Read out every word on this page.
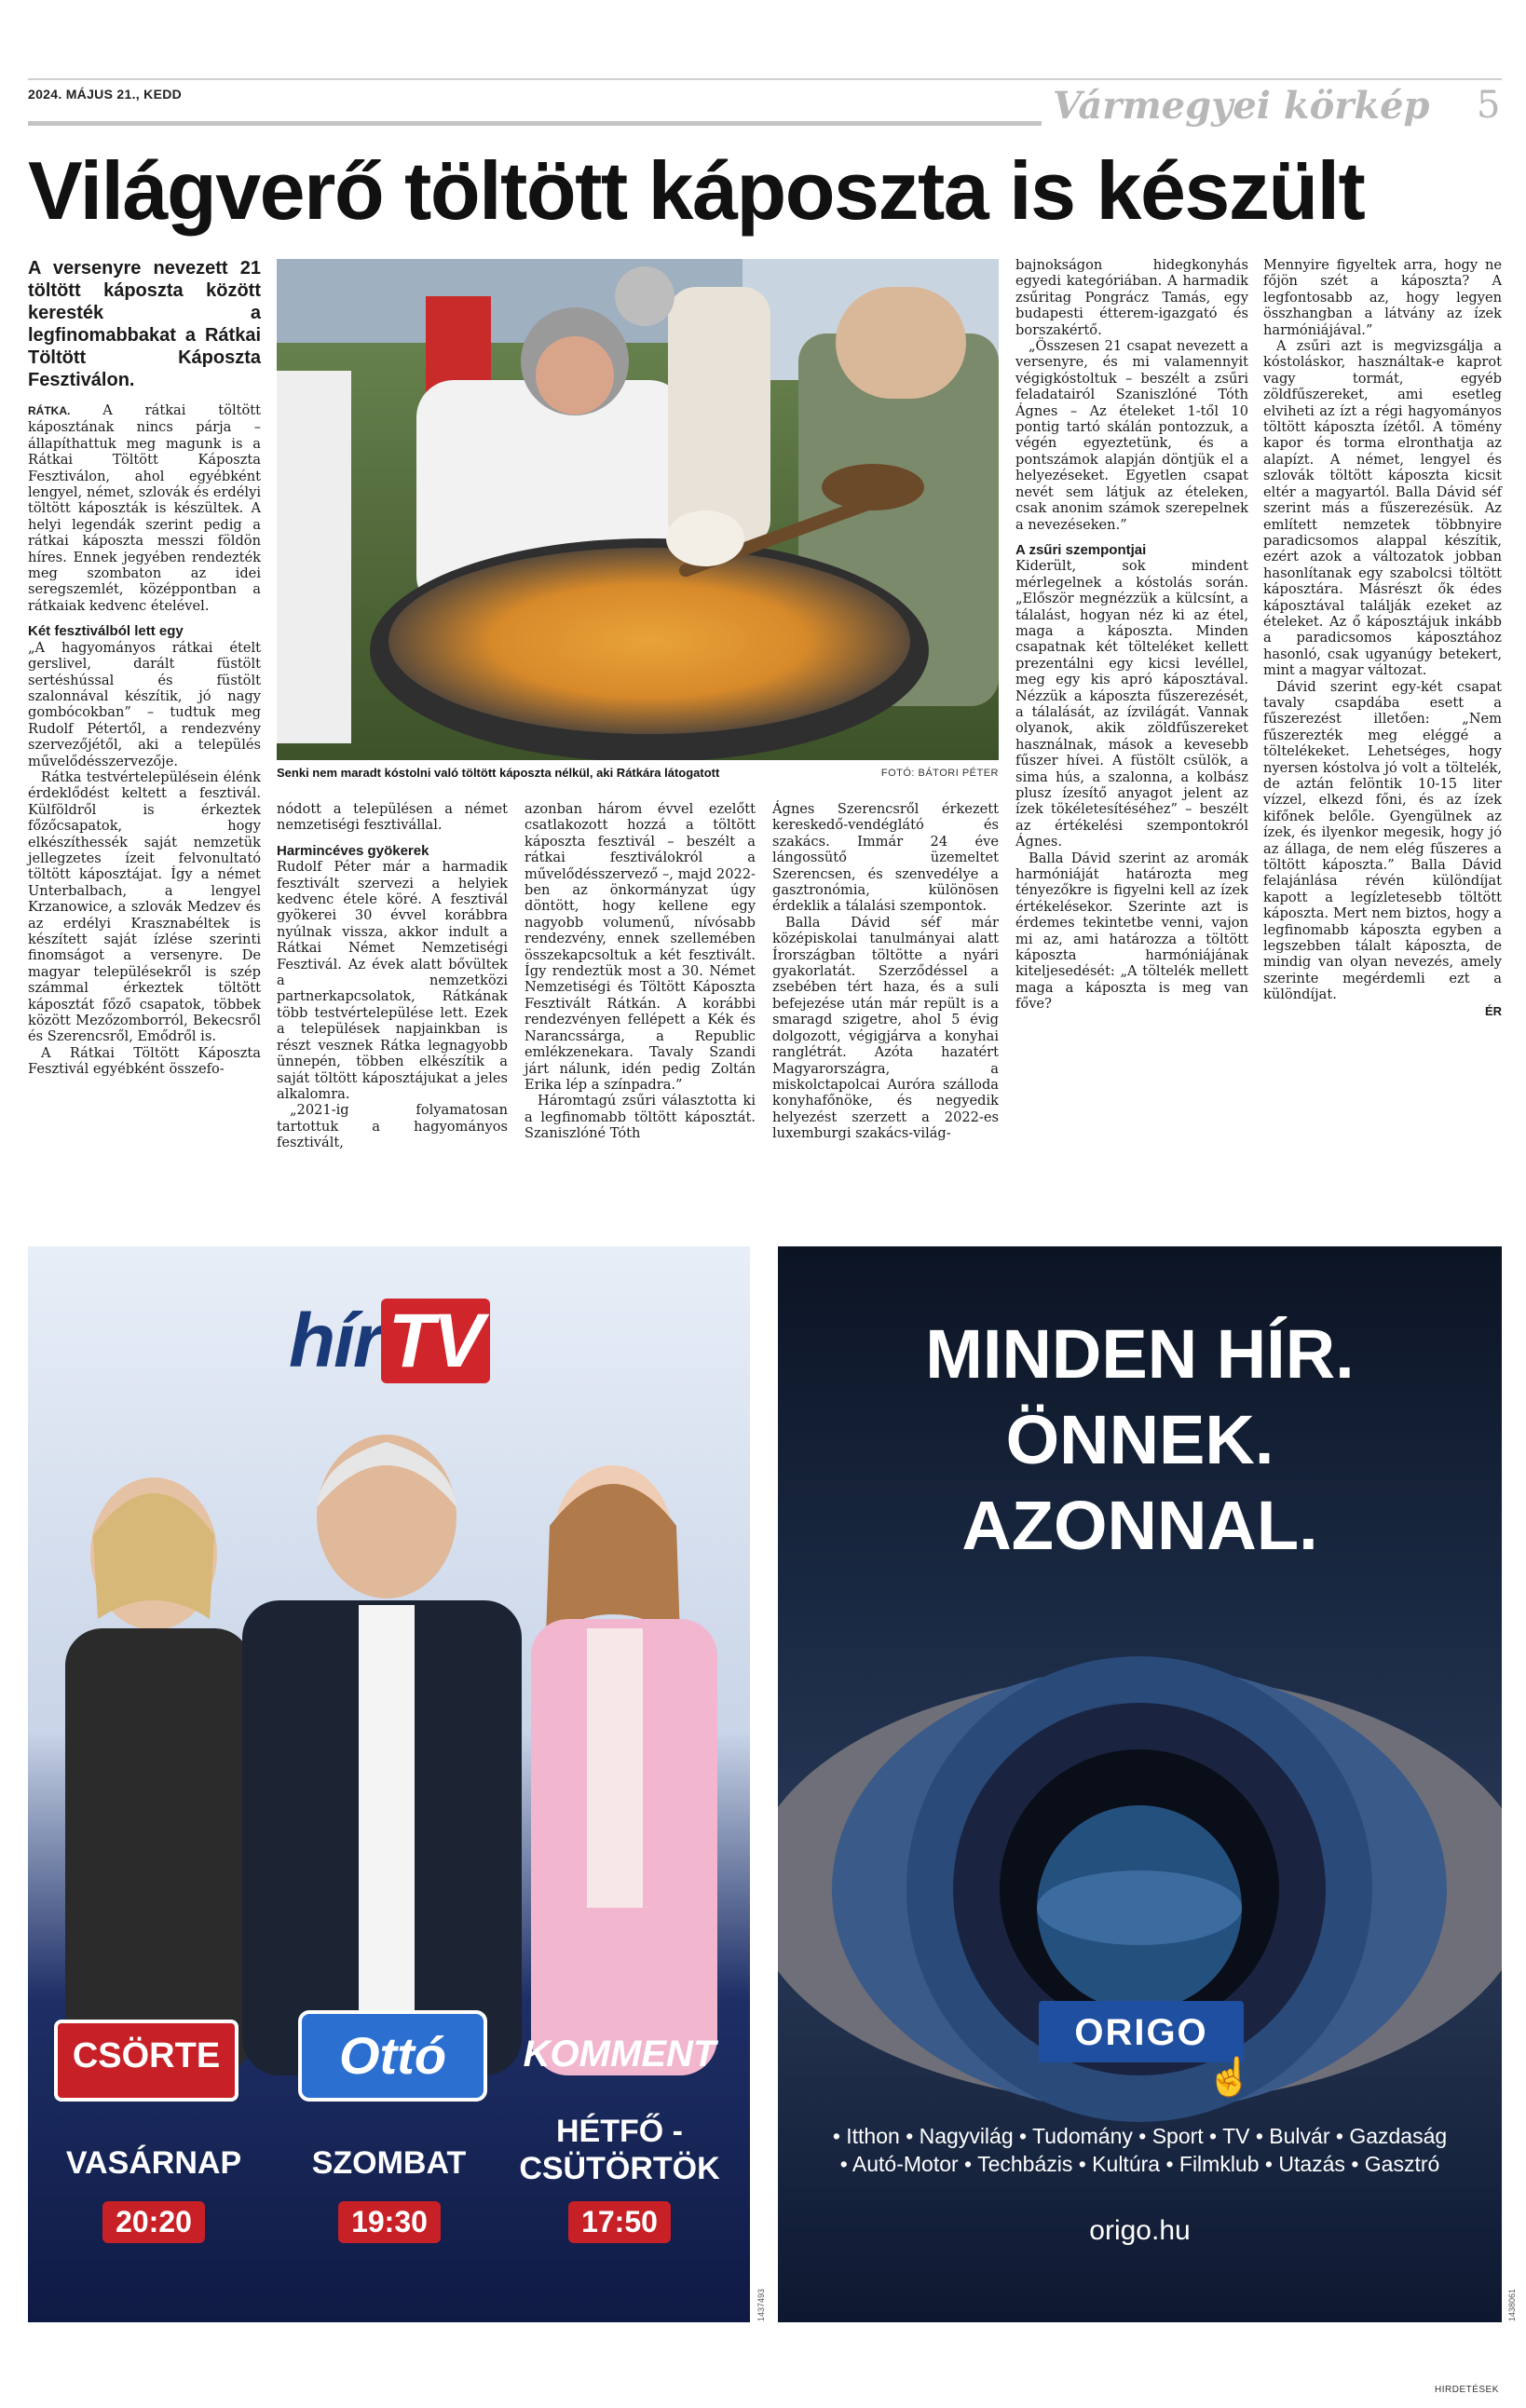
2024. MÁJUS 21., KEDD	Vármegyei körkép 5
Világverő töltött káposzta is készült
A versenyre nevezett 21 töltött káposzta között keresték a legfinomabbakat a Rátkai Töltött Káposzta Fesztiválon.

RÁTKA. A rátkai töltött káposztának nincs párja – állapíthattuk meg magunk is a Rátkai Töltött Káposzta Fesztiválon, ahol egyébként lengyel, német, szlovák és erdélyi töltött káposzták is készültek. A helyi legendák szerint pedig a rátkai káposzta messzi földön híres. Ennek jegyében rendezték meg szombaton az idei seregszemlét, középpontban a rátkaiak kedvenc ételével.

Két fesztiválból lett egy

„A hagyományos rátkai ételt gerslivel, darált füstölt sertéshússal és füstölt szalonnával készítik, jó nagy gombócokban” – tudtuk meg Rudolf Pétertől, a rendezvény szervezőjétől, aki a település művelődésszervezője.

Rátka testvértelepülésein élénk érdeklődést keltett a fesztivál. Külföldről is érkeztek főzőcsapatok, hogy elkészíthessék saját nemzetük jellegzetes ízeit felvonultató töltött káposztájat. Így a német Unterbalbach, a lengyel Krzanowice, a szlovák Medzev és az erdélyi Krasznabéltek is készített saját ízlése szerinti finomságot a versenyre. De magyar településekről is szép számmal érkeztek töltött káposztát főző csapatok, többek között Mezőzomborról, Bekecsről és Szerencsről, Emődről is.

A Rátkai Töltött Káposzta Fesztivál egyébként összefo-

Senki nem maradt kóstolni való töltött káposzta nélkül, aki Rátkára látogatott	FOTÓ: BÁTORI PÉTER

nódott a településen a német nemzetiségi fesztivállal.

Harmincéves gyökerek

Rudolf Péter már a harmadik fesztivált szervezi a helyiek kedvenc étele köré. A fesztivál gyökerei 30 évvel korábbra nyúlnak vissza, akkor indult a Rátkai Német Nemzetiségi Fesztivál. Az évek alatt bővültek a nemzetközi partnerkapcsolatok, Rátkának több testvértelepülése lett. Ezek a települések napjainkban is részt vesznek Rátka legnagyobb ünnepén, többen elkészítik a saját töltött káposztájukat a jeles alkalomra.

„2021-ig folyamatosan tartottuk a hagyományos fesztivált,

azonban három évvel ezelőtt csatlakozott hozzá a töltött káposzta fesztivál – beszélt a rátkai fesztiválokról a művelődésszervező –, majd 2022-ben az önkormányzat úgy döntött, hogy kellene egy nagyobb volumenű, nívósabb rendezvény, ennek szellemében összekapcsoltuk a két fesztivált. Így rendeztük most a 30. Német Nemzetiségi és Töltött Káposzta Fesztivált Rátkán. A korábbi rendezvényen fellépett a Kék és Narancssárga, a Republic emlékzenekara. Tavaly Szandi járt nálunk, idén pedig Zoltán Erika lép a színpadra.”

Háromtagú zsűri választotta ki a legfinomabb töltött káposztát. Szaniszlóné Tóth

Ágnes Szerencsről érkezett kereskedő-vendéglátó és szakács. Immár 24 éve lángossütő üzemeltet Szerencsen, és szenvedélye a gasztronómia, különösen érdeklik a tálalási szempontok.

Balla Dávid séf már középiskolai tanulmányai alatt Írországban töltötte a nyári gyakorlatát. Szerződéssel a zsebében tért haza, és a suli befejezése után már repült is a smaragd szigetre, ahol 5 évig dolgozott, végigjárva a konyhai ranglétrát. Azóta hazatért Magyarországra, a miskolctapolcai Auróra szálloda konyhafőnöke, és negyedik helyezést szerzett a 2022-es luxemburgi szakács-világ-

bajnokságon hidegkonyhás egyedi kategóriában. A harmadik zsűritag Pongrácz Tamás, egy budapesti étterem-igazgató és borszakértő.

„Összesen 21 csapat nevezett a versenyre, és mi valamennyit végigkóstoltuk – beszélt a zsűri feladatairól Szaniszlóné Tóth Ágnes – Az ételeket 1-től 10 pontig tartó skálán pontozzuk, a végén egyeztetünk, és a pontszámok alapján döntjük el a helyezéseket. Egyetlen csapat nevét sem látjuk az ételeken, csak anonim számok szerepelnek a nevezéseken.”

A zsűri szempontjai

Kiderült, sok mindent mérlegelnek a kóstolás során. „Először megnézzük a külcsínt, a tálalást, hogyan néz ki az étel, maga a káposzta. Minden csapatnak két tölteléket kellett prezentálni egy kicsi levéllel, meg egy kis apró káposztával. Nézzük a káposzta fűszerezését, a tálalását, az ízvilágát. Vannak olyanok, akik zöldfűszereket használnak, mások a kevesebb fűszer hívei. A füstölt csülök, a sima hús, a szalonna, a kolbász plusz ízesítő anyagot jelent az ízek tökéletesítéséhez” – beszélt az értékelési szempontokról Ágnes.

Balla Dávid szerint az aromák harmóniáját határozta meg tényezőkre is figyelni kell az ízek értékelésekor. Szerinte azt is érdemes tekintetbe venni, vajon mi az, ami határozza a töltött káposzta harmóniájának kiteljesedését: „A töltelék mellett maga a káposzta is meg van főve?

Mennyire figyeltek arra, hogy ne főjön szét a káposzta? A legfontosabb az, hogy legyen összhangban a látvány az ízek harmóniájával.”

A zsűri azt is megvizsgálja a kóstoláskor, használtak-e kaprot vagy tormát, egyéb zöldfűszereket, ami esetleg elviheti az ízt a régi hagyományos töltött káposzta ízétől. A tömény kapor és torma elronthatja az alapízt. A német, lengyel és szlovák töltött káposzta kicsit eltér a magyartól. Balla Dávid séf szerint más a fűszerezésük. Az említett nemzetek többnyire paradicsomos alappal készítik, ezért azok a változatok jobban hasonlítanak egy szabolcsi töltött káposztára. Másrészt ők édes káposztával találják ezeket az ételeket. Az ő káposztájuk inkább a paradicsomos káposztához hasonló, csak ugyanúgy betekert, mint a magyar változat.

Dávid szerint egy-két csapat tavaly csapdába esett a fűszerezést illetően: „Nem fűszerezték meg eléggé a töltelékeket. Lehetséges, hogy nyersen kóstolva jó volt a töltelék, de aztán felöntik 10-15 liter vízzel, elkezd főni, és az ízek kifőnek belőle. Gyengülnek az ízek, és ilyenkor megesik, hogy jó az állaga, de nem elég fűszeres a töltött káposzta.” Balla Dávid felajánlása révén különdíjat kapott a legízletesebb töltött káposzta. Mert nem biztos, hogy a legfinomabb káposzta egyben a legszebben tálalt káposzta, de mindig van olyan nevezés, amely szerinte megérdemli ezt a különdíjat.

ÉR
hírTV
CSÖRTE	Ottó	KOMMENT
VASÁRNAP	SZOMBAT
HÉTFŐ - CSÜTÖRTÖK
20:20	19:30	17:50
1437493
MINDEN HÍR.
ÖNNEK.
AZONNAL.
ORIGO
☝
• Itthon • Nagyvilág • Tudomány • Sport • TV • Bulvár • Gazdaság
• Autó-Motor • Techbázis • Kultúra • Filmklub • Utazás • Gasztró
origo.hu
1438061
HIRDETÉSEK
